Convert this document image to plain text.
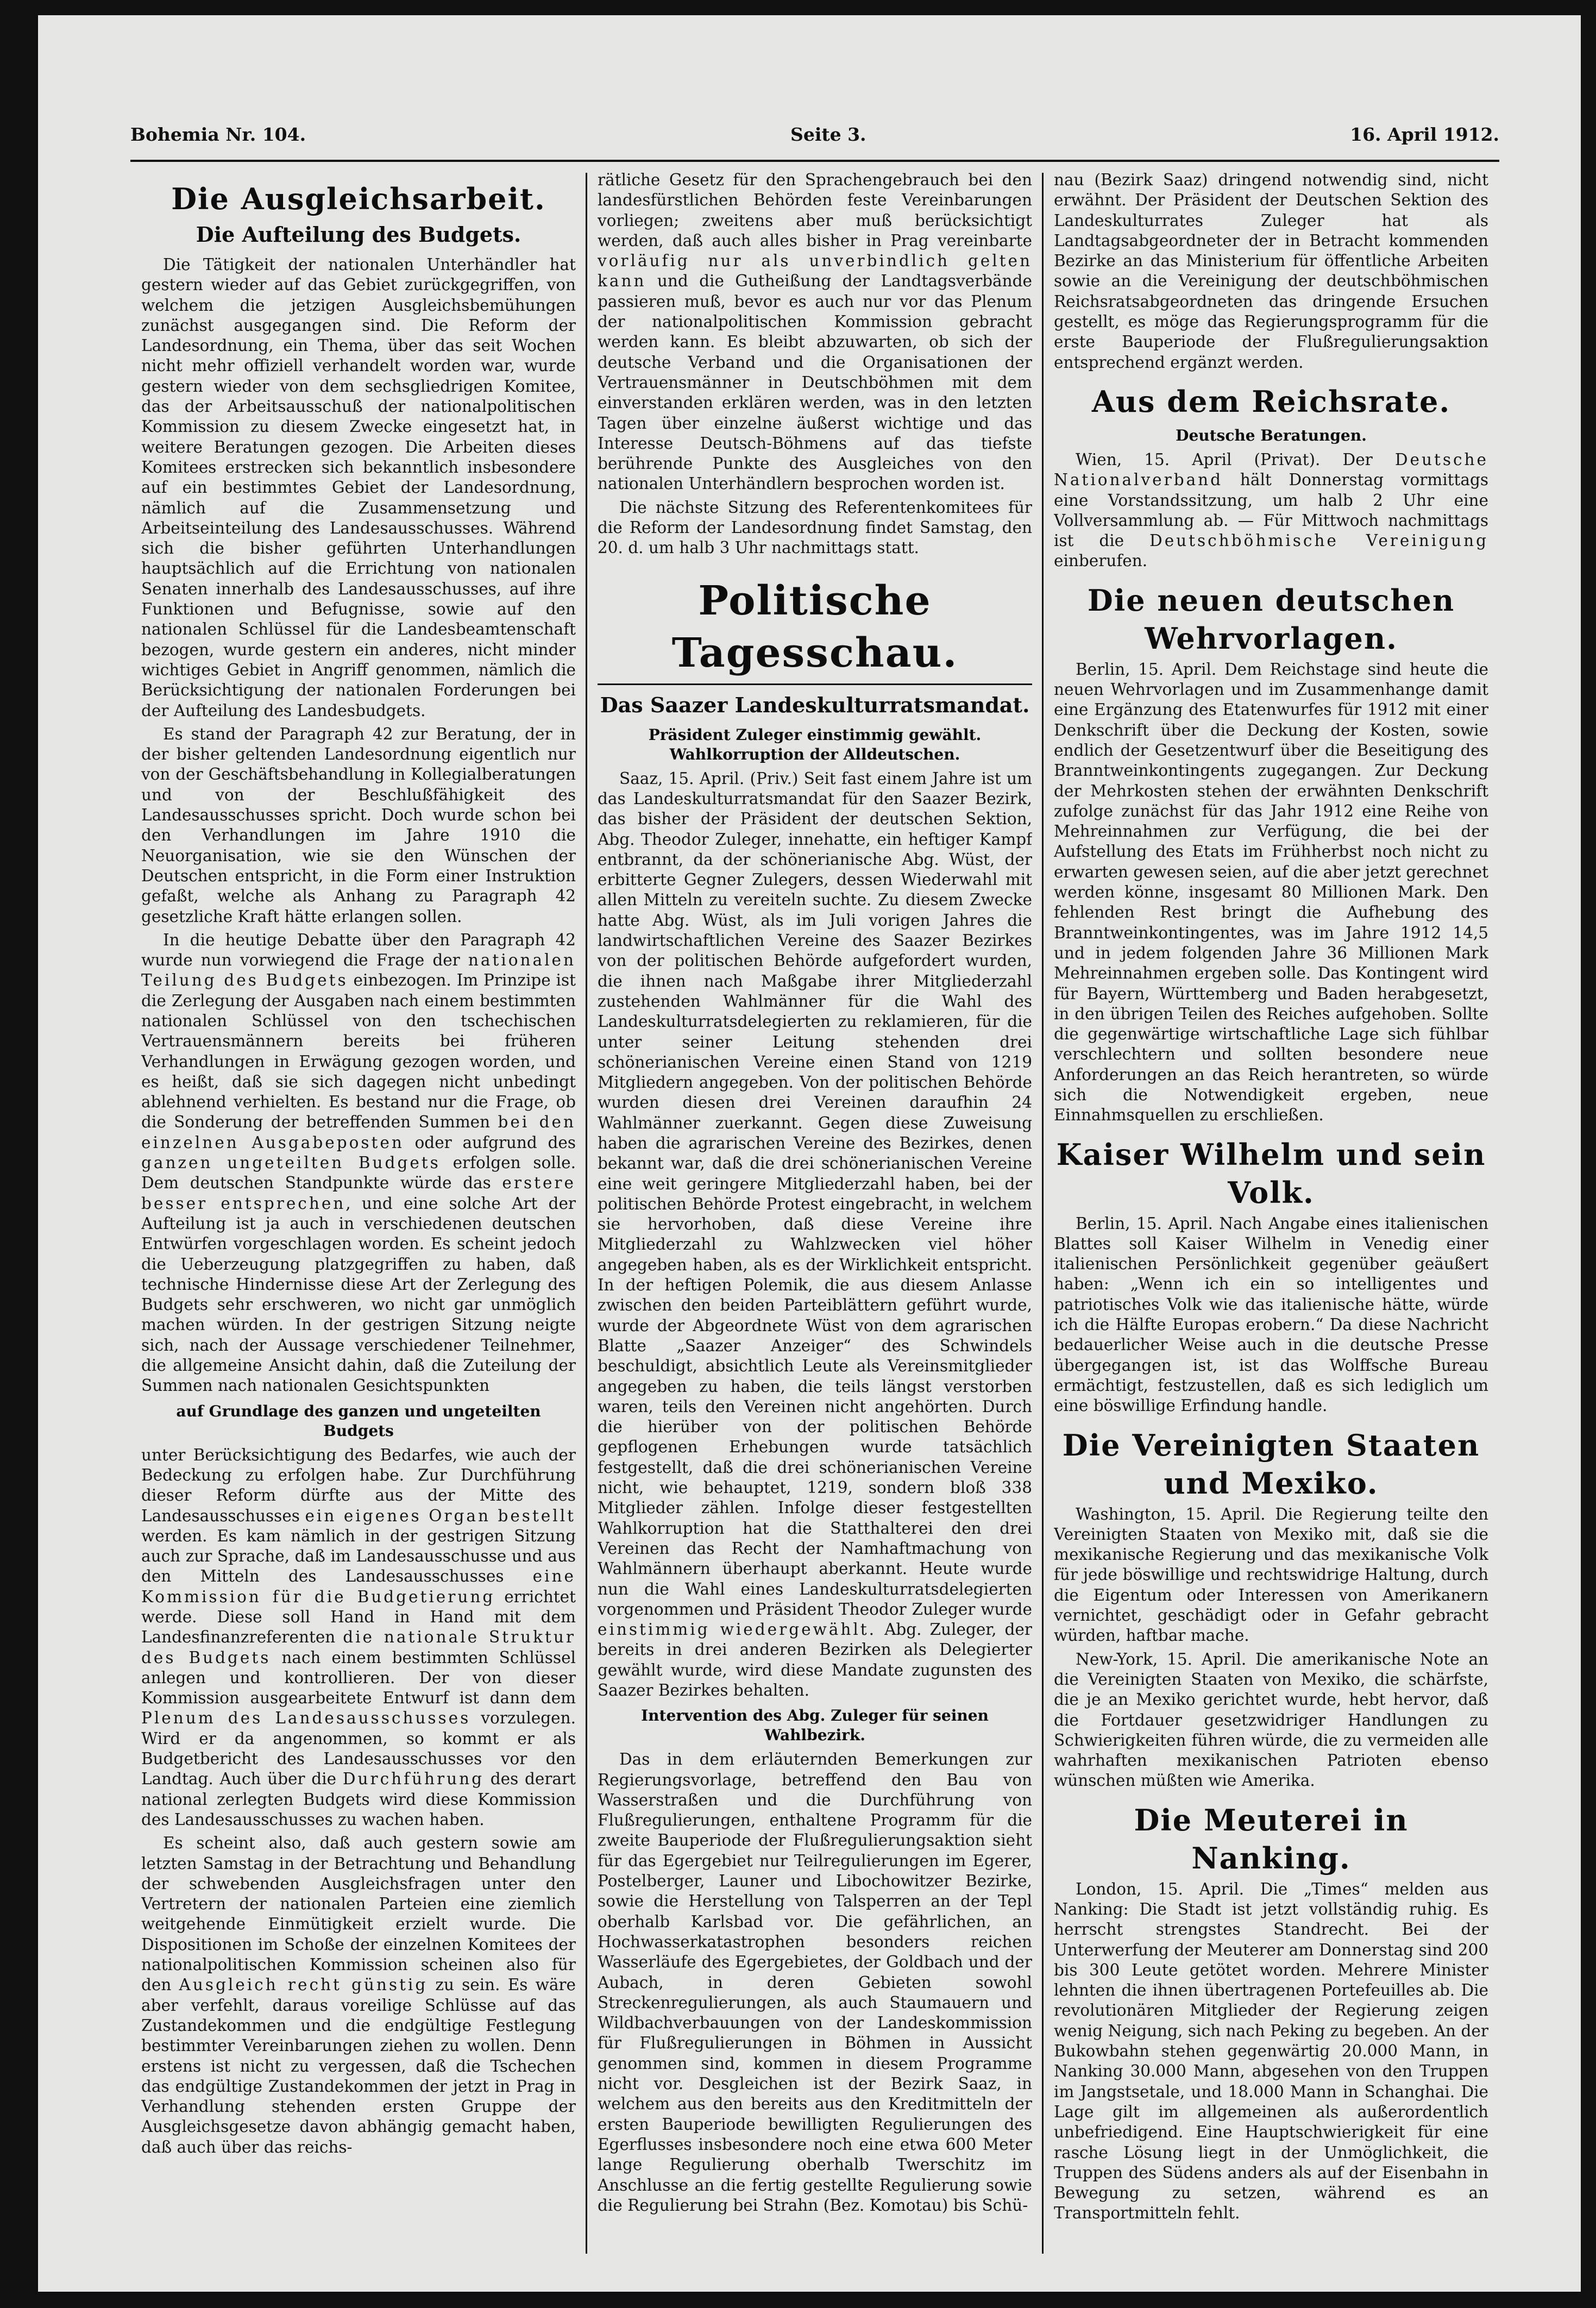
Bohemia Nr. 104.	Seite 3.	16. April 1912.
Die Ausgleichsarbeit.
Die Aufteilung des Budgets.

Die Tätigkeit der nationalen Unterhändler hat gestern wieder auf das Gebiet zurückgegriffen, von welchem die jetzigen Ausgleichsbemühungen zunächst ausgegangen sind. Die Reform der Landesordnung, ein Thema, über das seit Wochen nicht mehr offiziell verhandelt worden war, wurde gestern wieder von dem sechsgliedrigen Komitee, das der Arbeitsausschuß der nationalpolitischen Kommission zu diesem Zwecke eingesetzt hat, in weitere Beratungen gezogen. Die Arbeiten dieses Komitees erstrecken sich bekanntlich insbesondere auf ein bestimmtes Gebiet der Landesordnung, nämlich auf die Zusammensetzung und Arbeitseinteilung des Landesausschusses. Während sich die bisher geführten Unterhandlungen hauptsächlich auf die Errichtung von nationalen Senaten innerhalb des Landesausschusses, auf ihre Funktionen und Befugnisse, sowie auf den nationalen Schlüssel für die Landesbeamtenschaft bezogen, wurde gestern ein anderes, nicht minder wichtiges Gebiet in Angriff genommen, nämlich die Berücksichtigung der nationalen Forderungen bei der Aufteilung des Landesbudgets.

Es stand der Paragraph 42 zur Beratung, der in der bisher geltenden Landesordnung eigentlich nur von der Geschäftsbehandlung in Kollegialberatungen und von der Beschlußfähigkeit des Landesausschusses spricht. Doch wurde schon bei den Verhandlungen im Jahre 1910 die Neuorganisation, wie sie den Wünschen der Deutschen entspricht, in die Form einer Instruktion gefaßt, welche als Anhang zu Paragraph 42 gesetzliche Kraft hätte erlangen sollen.

In die heutige Debatte über den Paragraph 42 wurde nun vorwiegend die Frage der nationalen Teilung des Budgets einbezogen. Im Prinzipe ist die Zerlegung der Ausgaben nach einem bestimmten nationalen Schlüssel von den tschechischen Vertrauensmännern bereits bei früheren Verhandlungen in Erwägung gezogen worden, und es heißt, daß sie sich dagegen nicht unbedingt ablehnend verhielten. Es bestand nur die Frage, ob die Sonderung der betreffenden Summen bei den einzelnen Ausgabeposten oder aufgrund des ganzen ungeteilten Budgets erfolgen solle. Dem deutschen Standpunkte würde das erstere besser entsprechen, und eine solche Art der Aufteilung ist ja auch in verschiedenen deutschen Entwürfen vorgeschlagen worden. Es scheint jedoch die Ueberzeugung platzgegriffen zu haben, daß technische Hindernisse diese Art der Zerlegung des Budgets sehr erschweren, wo nicht gar unmöglich machen würden. In der gestrigen Sitzung neigte sich, nach der Aussage verschiedener Teilnehmer, die allgemeine Ansicht dahin, daß die Zuteilung der Summen nach nationalen Gesichtspunkten

auf Grundlage des ganzen und ungeteilten Budgets

unter Berücksichtigung des Bedarfes, wie auch der Bedeckung zu erfolgen habe. Zur Durchführung dieser Reform dürfte aus der Mitte des Landesausschusses ein eigenes Organ bestellt werden. Es kam nämlich in der gestrigen Sitzung auch zur Sprache, daß im Landesausschusse und aus den Mitteln des Landesausschusses eine Kommission für die Budgetierung errichtet werde. Diese soll Hand in Hand mit dem Landesfinanzreferenten die nationale Struktur des Budgets nach einem bestimmten Schlüssel anlegen und kontrollieren. Der von dieser Kommission ausgearbeitete Entwurf ist dann dem Plenum des Landesausschusses vorzulegen. Wird er da angenommen, so kommt er als Budgetbericht des Landesausschusses vor den Landtag. Auch über die Durchführung des derart national zerlegten Budgets wird diese Kommission des Landesausschusses zu wachen haben.

Es scheint also, daß auch gestern sowie am letzten Samstag in der Betrachtung und Behandlung der schwebenden Ausgleichsfragen unter den Vertretern der nationalen Parteien eine ziemlich weitgehende Einmütigkeit erzielt wurde. Die Dispositionen im Schoße der einzelnen Komitees der nationalpolitischen Kommission scheinen also für den Ausgleich recht günstig zu sein. Es wäre aber verfehlt, daraus voreilige Schlüsse auf das Zustandekommen und die endgültige Festlegung bestimmter Vereinbarungen ziehen zu wollen. Denn erstens ist nicht zu vergessen, daß die Tschechen das endgültige Zustandekommen der jetzt in Prag in Verhandlung stehenden ersten Gruppe der Ausgleichsgesetze davon abhängig gemacht haben, daß auch über das reichs-

rätliche Gesetz für den Sprachengebrauch bei den landesfürstlichen Behörden feste Vereinbarungen vorliegen; zweitens aber muß berücksichtigt werden, daß auch alles bisher in Prag vereinbarte vorläufig nur als unverbindlich gelten kann und die Gutheißung der Landtagsverbände passieren muß, bevor es auch nur vor das Plenum der nationalpolitischen Kommission gebracht werden kann. Es bleibt abzuwarten, ob sich der deutsche Verband und die Organisationen der Vertrauensmänner in Deutschböhmen mit dem einverstanden erklären werden, was in den letzten Tagen über einzelne äußerst wichtige und das Interesse Deutsch-Böhmens auf das tiefste berührende Punkte des Ausgleiches von den nationalen Unterhändlern besprochen worden ist.

Die nächste Sitzung des Referentenkomitees für die Reform der Landesordnung findet Samstag, den 20. d. um halb 3 Uhr nachmittags statt.

Politische Tagesschau.
Das Saazer Landeskulturratsmandat.
Präsident Zuleger einstimmig gewählt. Wahlkorruption der Alldeutschen.

Saaz, 15. April. (Priv.) Seit fast einem Jahre ist um das Landeskulturratsmandat für den Saazer Bezirk, das bisher der Präsident der deutschen Sektion, Abg. Theodor Zuleger, innehatte, ein heftiger Kampf entbrannt, da der schönerianische Abg. Wüst, der erbitterte Gegner Zulegers, dessen Wiederwahl mit allen Mitteln zu vereiteln suchte. Zu diesem Zwecke hatte Abg. Wüst, als im Juli vorigen Jahres die landwirtschaftlichen Vereine des Saazer Bezirkes von der politischen Behörde aufgefordert wurden, die ihnen nach Maßgabe ihrer Mitgliederzahl zustehenden Wahlmänner für die Wahl des Landeskulturratsdelegierten zu reklamieren, für die unter seiner Leitung stehenden drei schönerianischen Vereine einen Stand von 1219 Mitgliedern angegeben. Von der politischen Behörde wurden diesen drei Vereinen daraufhin 24 Wahlmänner zuerkannt. Gegen diese Zuweisung haben die agrarischen Vereine des Bezirkes, denen bekannt war, daß die drei schönerianischen Vereine eine weit geringere Mitgliederzahl haben, bei der politischen Behörde Protest eingebracht, in welchem sie hervorhoben, daß diese Vereine ihre Mitgliederzahl zu Wahlzwecken viel höher angegeben haben, als es der Wirklichkeit entspricht. In der heftigen Polemik, die aus diesem Anlasse zwischen den beiden Parteiblättern geführt wurde, wurde der Abgeordnete Wüst von dem agrarischen Blatte „Saazer Anzeiger“ des Schwindels beschuldigt, absichtlich Leute als Vereinsmitglieder angegeben zu haben, die teils längst verstorben waren, teils den Vereinen nicht angehörten. Durch die hierüber von der politischen Behörde gepflogenen Erhebungen wurde tatsächlich festgestellt, daß die drei schönerianischen Vereine nicht, wie behauptet, 1219, sondern bloß 338 Mitglieder zählen. Infolge dieser festgestellten Wahlkorruption hat die Statthalterei den drei Vereinen das Recht der Namhaftmachung von Wahlmännern überhaupt aberkannt. Heute wurde nun die Wahl eines Landeskulturratsdelegierten vorgenommen und Präsident Theodor Zuleger wurde einstimmig wiedergewählt. Abg. Zuleger, der bereits in drei anderen Bezirken als Delegierter gewählt wurde, wird diese Mandate zugunsten des Saazer Bezirkes behalten.

Intervention des Abg. Zuleger für seinen Wahlbezirk.

Das in dem erläuternden Bemerkungen zur Regierungsvorlage, betreffend den Bau von Wasserstraßen und die Durchführung von Flußregulierungen, enthaltene Programm für die zweite Bauperiode der Flußregulierungsaktion sieht für das Egergebiet nur Teilregulierungen im Egerer, Postelberger, Launer und Libochowitzer Bezirke, sowie die Herstellung von Talsperren an der Tepl oberhalb Karlsbad vor. Die gefährlichen, an Hochwasserkatastrophen besonders reichen Wasserläufe des Egergebietes, der Goldbach und der Aubach, in deren Gebieten sowohl Streckenregulierungen, als auch Staumauern und Wildbachverbauungen von der Landeskommission für Flußregulierungen in Böhmen in Aussicht genommen sind, kommen in diesem Programme nicht vor. Desgleichen ist der Bezirk Saaz, in welchem aus den bereits aus den Kreditmitteln der ersten Bauperiode bewilligten Regulierungen des Egerflusses insbesondere noch eine etwa 600 Meter lange Regulierung oberhalb Twerschitz im Anschlusse an die fertig gestellte Regulierung sowie die Regulierung bei Strahn (Bez. Komotau) bis Schü-

nau (Bezirk Saaz) dringend notwendig sind, nicht erwähnt. Der Präsident der Deutschen Sektion des Landeskulturrates Zuleger hat als Landtagsabgeordneter der in Betracht kommenden Bezirke an das Ministerium für öffentliche Arbeiten sowie an die Vereinigung der deutschböhmischen Reichsratsabgeordneten das dringende Ersuchen gestellt, es möge das Regierungsprogramm für die erste Bauperiode der Flußregulierungsaktion entsprechend ergänzt werden.

Aus dem Reichsrate.
Deutsche Beratungen.

Wien, 15. April (Privat). Der Deutsche Nationalverband hält Donnerstag vormittags eine Vorstandssitzung, um halb 2 Uhr eine Vollversammlung ab. — Für Mittwoch nachmittags ist die Deutschböhmische Vereinigung einberufen.

Die neuen deutschen Wehrvorlagen.

Berlin, 15. April. Dem Reichstage sind heute die neuen Wehrvorlagen und im Zusammenhange damit eine Ergänzung des Etatenwurfes für 1912 mit einer Denkschrift über die Deckung der Kosten, sowie endlich der Gesetzentwurf über die Beseitigung des Branntweinkontingents zugegangen. Zur Deckung der Mehrkosten stehen der erwähnten Denkschrift zufolge zunächst für das Jahr 1912 eine Reihe von Mehreinnahmen zur Verfügung, die bei der Aufstellung des Etats im Frühherbst noch nicht zu erwarten gewesen seien, auf die aber jetzt gerechnet werden könne, insgesamt 80 Millionen Mark. Den fehlenden Rest bringt die Aufhebung des Branntweinkontingentes, was im Jahre 1912 14,5 und in jedem folgenden Jahre 36 Millionen Mark Mehreinnahmen ergeben solle. Das Kontingent wird für Bayern, Württemberg und Baden herabgesetzt, in den übrigen Teilen des Reiches aufgehoben. Sollte die gegenwärtige wirtschaftliche Lage sich fühlbar verschlechtern und sollten besondere neue Anforderungen an das Reich herantreten, so würde sich die Notwendigkeit ergeben, neue Einnahmsquellen zu erschließen.

Kaiser Wilhelm und sein Volk.

Berlin, 15. April. Nach Angabe eines italienischen Blattes soll Kaiser Wilhelm in Venedig einer italienischen Persönlichkeit gegenüber geäußert haben: „Wenn ich ein so intelligentes und patriotisches Volk wie das italienische hätte, würde ich die Hälfte Europas erobern.“ Da diese Nachricht bedauerlicher Weise auch in die deutsche Presse übergegangen ist, ist das Wolffsche Bureau ermächtigt, festzustellen, daß es sich lediglich um eine böswillige Erfindung handle.

Die Vereinigten Staaten und Mexiko.

Washington, 15. April. Die Regierung teilte den Vereinigten Staaten von Mexiko mit, daß sie die mexikanische Regierung und das mexikanische Volk für jede böswillige und rechtswidrige Haltung, durch die Eigentum oder Interessen von Amerikanern vernichtet, geschädigt oder in Gefahr gebracht würden, haftbar mache.

New-York, 15. April. Die amerikanische Note an die Vereinigten Staaten von Mexiko, die schärfste, die je an Mexiko gerichtet wurde, hebt hervor, daß die Fortdauer gesetzwidriger Handlungen zu Schwierigkeiten führen würde, die zu vermeiden alle wahrhaften mexikanischen Patrioten ebenso wünschen müßten wie Amerika.

Die Meuterei in Nanking.

London, 15. April. Die „Times“ melden aus Nanking: Die Stadt ist jetzt vollständig ruhig. Es herrscht strengstes Standrecht. Bei der Unterwerfung der Meuterer am Donnerstag sind 200 bis 300 Leute getötet worden. Mehrere Minister lehnten die ihnen übertragenen Portefeuilles ab. Die revolutionären Mitglieder der Regierung zeigen wenig Neigung, sich nach Peking zu begeben. An der Bukowbahn stehen gegenwärtig 20.000 Mann, in Nanking 30.000 Mann, abgesehen von den Truppen im Jangstsetale, und 18.000 Mann in Schanghai. Die Lage gilt im allgemeinen als außerordentlich unbefriedigend. Eine Hauptschwierigkeit für eine rasche Lösung liegt in der Unmöglichkeit, die Truppen des Südens anders als auf der Eisenbahn in Bewegung zu setzen, während es an Transportmitteln fehlt.
